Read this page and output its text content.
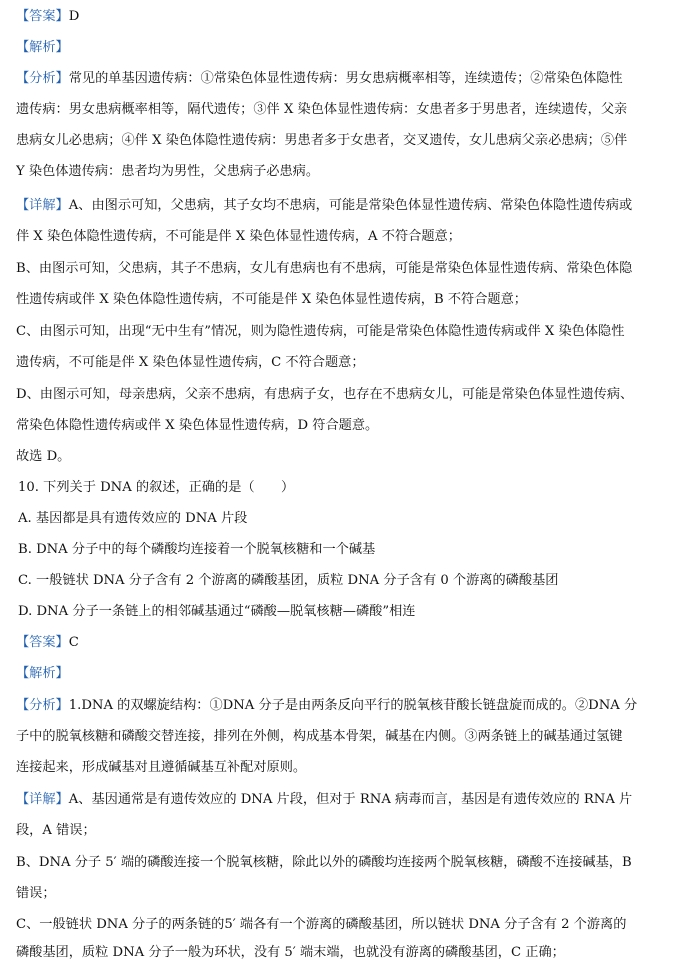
【答案】D
【解析】
【分析】常见的单基因遗传病：①常染色体显性遗传病：男女患病概率相等，连续遗传；②常染色体隐性
遗传病：男女患病概率相等，隔代遗传；③伴 X 染色体显性遗传病：女患者多于男患者，连续遗传，父亲
患病女儿必患病；④伴 X 染色体隐性遗传病：男患者多于女患者，交叉遗传，女儿患病父亲必患病；⑤伴
Y 染色体遗传病：患者均为男性，父患病子必患病。
【详解】A、由图示可知，父患病，其子女均不患病，可能是常染色体显性遗传病、常染色体隐性遗传病或
伴 X 染色体隐性遗传病，不可能是伴 X 染色体显性遗传病，A 不符合题意；
B、由图示可知，父患病，其子不患病，女儿有患病也有不患病，可能是常染色体显性遗传病、常染色体隐
性遗传病或伴 X 染色体隐性遗传病，不可能是伴 X 染色体显性遗传病，B 不符合题意；
C、由图示可知，出现“无中生有”情况，则为隐性遗传病，可能是常染色体隐性遗传病或伴 X 染色体隐性
遗传病，不可能是伴 X 染色体显性遗传病，C 不符合题意；
D、由图示可知，母亲患病，父亲不患病，有患病子女，也存在不患病女儿，可能是常染色体显性遗传病、
常染色体隐性遗传病或伴 X 染色体显性遗传病，D 符合题意。
故选 D。
10. 下列关于 DNA 的叙述，正确的是（　　）
A. 基因都是具有遗传效应的 DNA 片段
B. DNA 分子中的每个磷酸均连接着一个脱氧核糖和一个碱基
C. 一般链状 DNA 分子含有 2 个游离的磷酸基团，质粒 DNA 分子含有 0 个游离的磷酸基团
D. DNA 分子一条链上的相邻碱基通过“磷酸—脱氧核糖—磷酸”相连
【答案】C
【解析】
【分析】1.DNA 的双螺旋结构：①DNA 分子是由两条反向平行的脱氧核苷酸长链盘旋而成的。②DNA 分
子中的脱氧核糖和磷酸交替连接，排列在外侧，构成基本骨架，碱基在内侧。③两条链上的碱基通过氢键
连接起来，形成碱基对且遵循碱基互补配对原则。
【详解】A、基因通常是有遗传效应的 DNA 片段，但对于 RNA 病毒而言，基因是有遗传效应的 RNA 片
段，A 错误；
B、DNA 分子 5′ 端的磷酸连接一个脱氧核糖，除此以外的磷酸均连接两个脱氧核糖，磷酸不连接碱基，B
错误；
C、一般链状 DNA 分子的两条链的5′ 端各有一个游离的磷酸基团，所以链状 DNA 分子含有 2 个游离的
磷酸基团，质粒 DNA 分子一般为环状，没有 5′ 端末端，也就没有游离的磷酸基团，C 正确；
